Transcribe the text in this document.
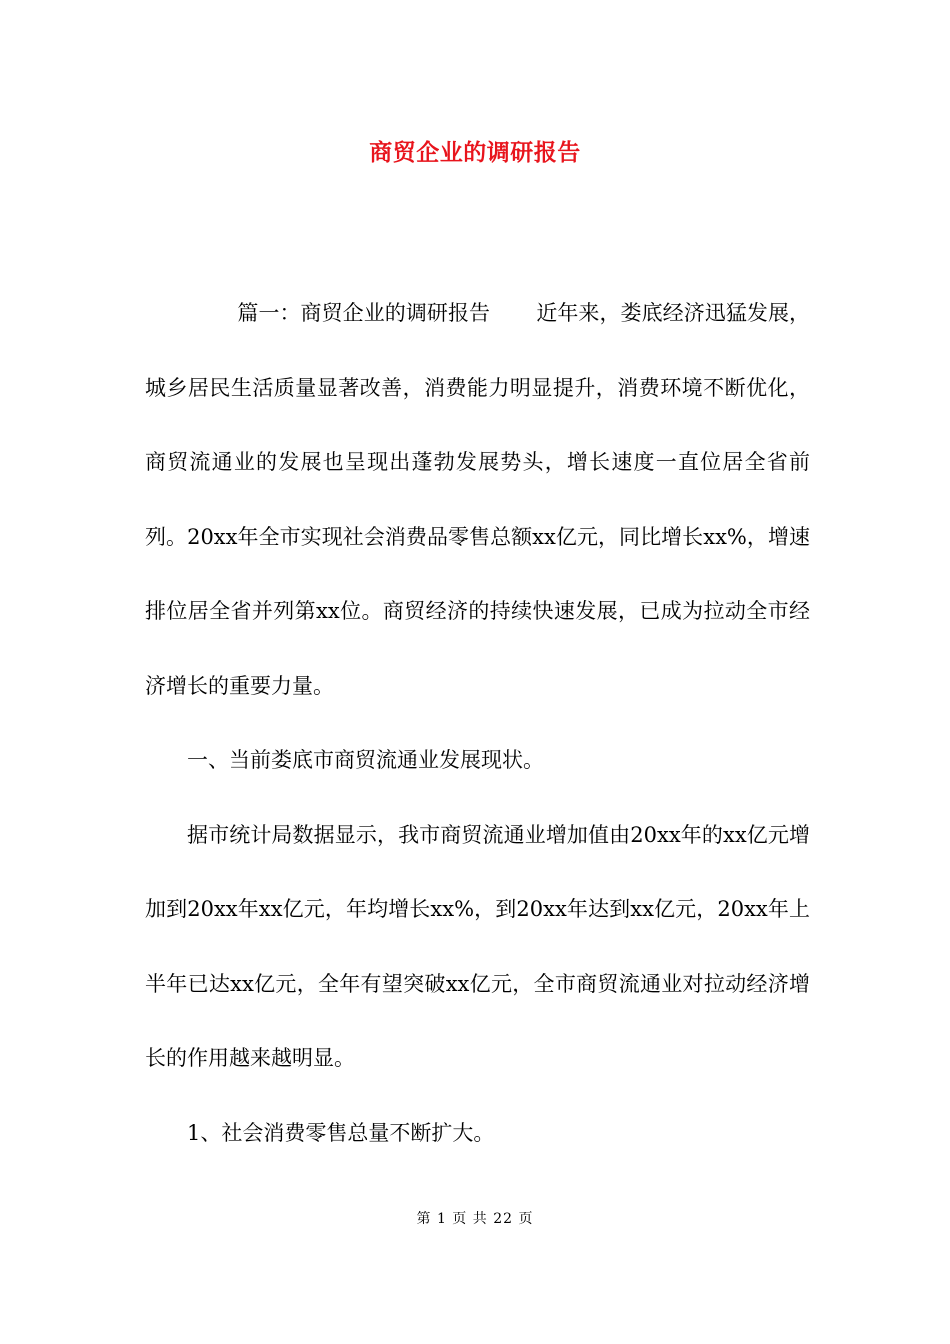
商贸企业的调研报告

篇一：商贸企业的调研报告 近年来，娄底经济迅猛发展，城乡居民生活质量显著改善，消费能力明显提升，消费环境不断优化，商贸流通业的发展也呈现出蓬勃发展势头，增长速度一直位居全省前列。20xx年全市实现社会消费品零售总额xx亿元，同比增长xx%，增速排位居全省并列第xx位。商贸经济的持续快速发展，已成为拉动全市经济增长的重要力量。

一、当前娄底市商贸流通业发展现状。

据市统计局数据显示，我市商贸流通业增加值由20xx年的xx亿元增加到20xx年xx亿元，年均增长xx%，到20xx年达到xx亿元，20xx年上半年已达xx亿元，全年有望突破xx亿元，全市商贸流通业对拉动经济增长的作用越来越明显。

1、社会消费零售总量不断扩大。

第 1 页 共 22 页
